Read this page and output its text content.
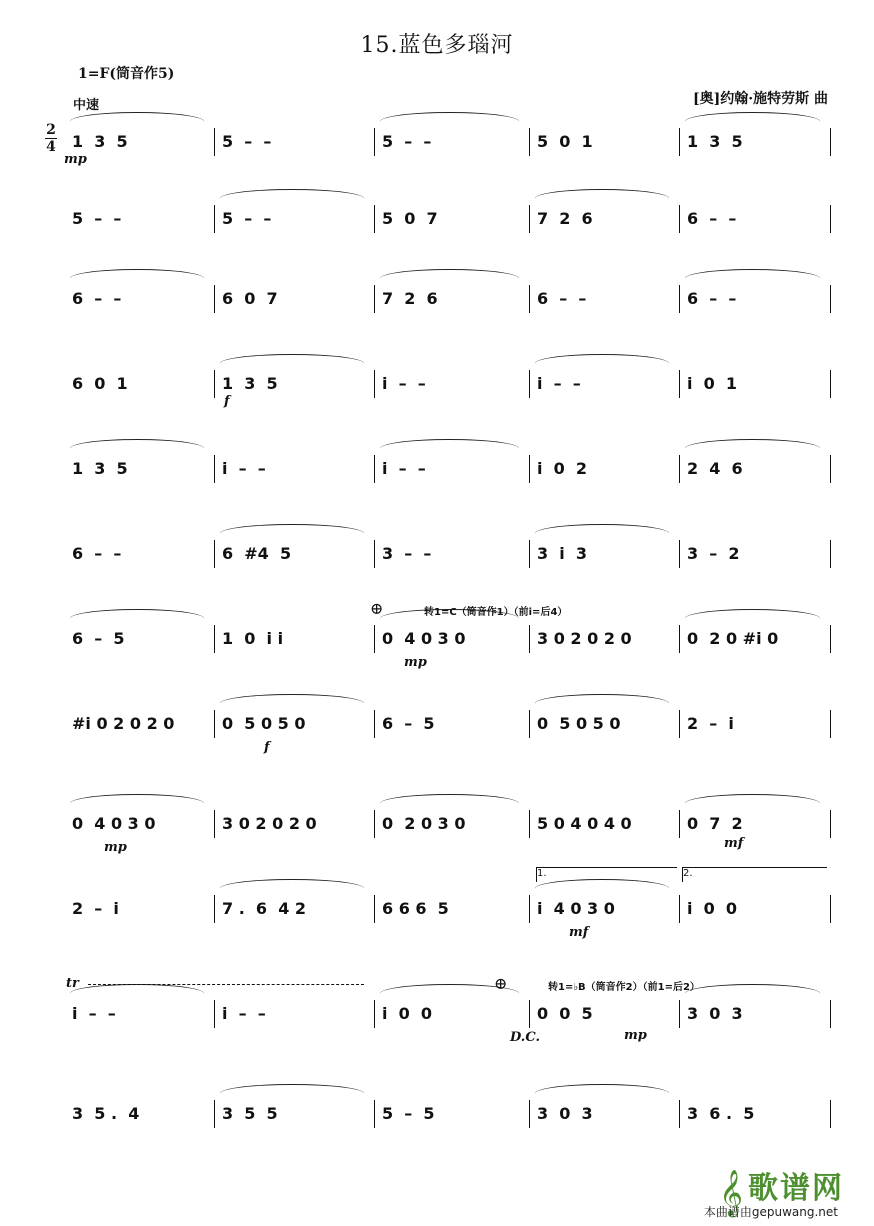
15.蓝色多瑙河
1=F(筒音作5)
中速	[奥]约翰·施特劳斯 曲
2
4 1  3  5	5  –  –	5  –  –	5  0  1	1  3  5
mp
5  –  –	5  –  –	5  0  7	7  2  6	6  –  –
6  –  –	6  0  7	7  2  6	6  –  –	6  –  –
6  0  1	1  3  5	i  –  –	i  –  –	i  0  1
f
1  3  5	i  –  –	i  –  –	i  0  2	2  4  6
6  –  –	6  #4  5	3  –  –	3  i  3	3  –  2
6  –  5	1  0  i i	0  4 0 3 0	3 0 2 0 2 0	0  2 0 #i 0
mp
转1=C（筒音作1）（前i=后4）
⊕
#i 0 2 0 2 0	0  5 0 5 0	6  –  5	0  5 0 5 0	2  –  i
f
0  4 0 3 0	3 0 2 0 2 0	0  2 0 3 0	5 0 4 0 4 0	0  7  2
mp	mf
2  –  i	7 .  6  4 2	6 6 6  5	i  4 0 3 0	i  0  0
mf
1.	2.
i  –  –	i  –  –	i  0  0	0  0  5	3  0  3
mp
转1=♭B（筒音作2）（前1=后2）
⊕
D.C.
3  5 .  4	3  5  5	5  –  5	3  0  3	3  6 .  5
tr
𝄞 歌谱网
本曲谱由gepuwang.net
